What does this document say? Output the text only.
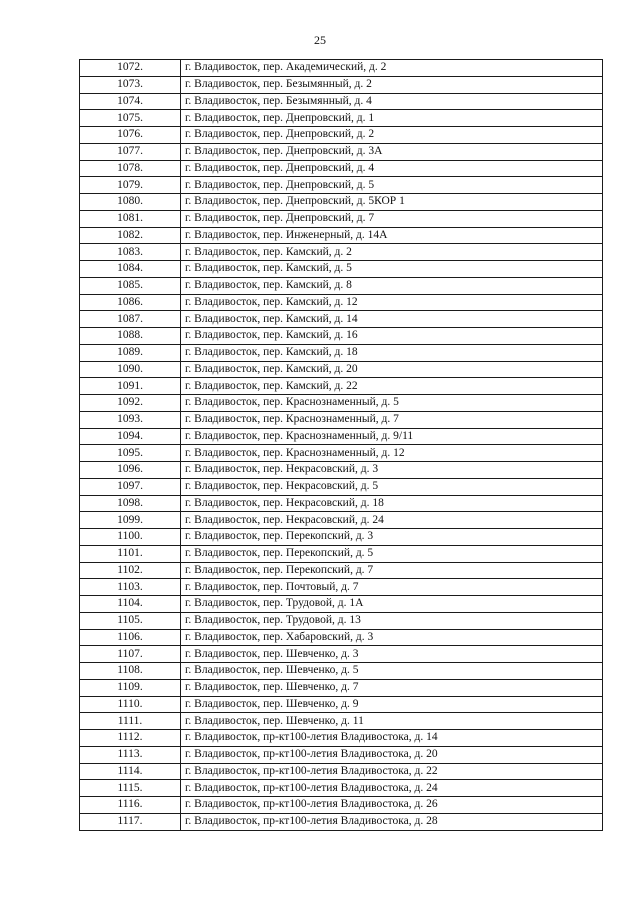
25
1072.	г. Владивосток, пер. Академический, д. 2
1073.	г. Владивосток, пер. Безымянный, д. 2
1074.	г. Владивосток, пер. Безымянный, д. 4
1075.	г. Владивосток, пер. Днепровский, д. 1
1076.	г. Владивосток, пер. Днепровский, д. 2
1077.	г. Владивосток, пер. Днепровский, д. 3А
1078.	г. Владивосток, пер. Днепровский, д. 4
1079.	г. Владивосток, пер. Днепровский, д. 5
1080.	г. Владивосток, пер. Днепровский, д. 5КОР 1
1081.	г. Владивосток, пер. Днепровский, д. 7
1082.	г. Владивосток, пер. Инженерный, д. 14А
1083.	г. Владивосток, пер. Камский, д. 2
1084.	г. Владивосток, пер. Камский, д. 5
1085.	г. Владивосток, пер. Камский, д. 8
1086.	г. Владивосток, пер. Камский, д. 12
1087.	г. Владивосток, пер. Камский, д. 14
1088.	г. Владивосток, пер. Камский, д. 16
1089.	г. Владивосток, пер. Камский, д. 18
1090.	г. Владивосток, пер. Камский, д. 20
1091.	г. Владивосток, пер. Камский, д. 22
1092.	г. Владивосток, пер. Краснознаменный, д. 5
1093.	г. Владивосток, пер. Краснознаменный, д. 7
1094.	г. Владивосток, пер. Краснознаменный, д. 9/11
1095.	г. Владивосток, пер. Краснознаменный, д. 12
1096.	г. Владивосток, пер. Некрасовский, д. 3
1097.	г. Владивосток, пер. Некрасовский, д. 5
1098.	г. Владивосток, пер. Некрасовский, д. 18
1099.	г. Владивосток, пер. Некрасовский, д. 24
1100.	г. Владивосток, пер. Перекопский, д. 3
1101.	г. Владивосток, пер. Перекопский, д. 5
1102.	г. Владивосток, пер. Перекопский, д. 7
1103.	г. Владивосток, пер. Почтовый, д. 7
1104.	г. Владивосток, пер. Трудовой, д. 1А
1105.	г. Владивосток, пер. Трудовой, д. 13
1106.	г. Владивосток, пер. Хабаровский, д. 3
1107.	г. Владивосток, пер. Шевченко, д. 3
1108.	г. Владивосток, пер. Шевченко, д. 5
1109.	г. Владивосток, пер. Шевченко, д. 7
1110.	г. Владивосток, пер. Шевченко, д. 9
1111.	г. Владивосток, пер. Шевченко, д. 11
1112.	г. Владивосток, пр-кт100-летия Владивостока, д. 14
1113.	г. Владивосток, пр-кт100-летия Владивостока, д. 20
1114.	г. Владивосток, пр-кт100-летия Владивостока, д. 22
1115.	г. Владивосток, пр-кт100-летия Владивостока, д. 24
1116.	г. Владивосток, пр-кт100-летия Владивостока, д. 26
1117.	г. Владивосток, пр-кт100-летия Владивостока, д. 28
